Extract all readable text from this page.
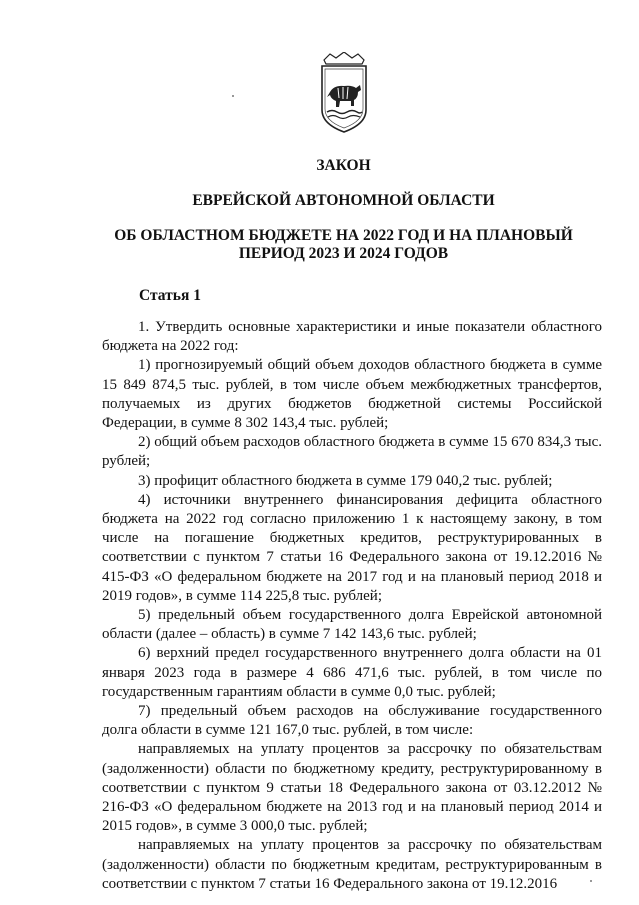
ЗАКОН
ЕВРЕЙСКОЙ АВТОНОМНОЙ ОБЛАСТИ
ОБ ОБЛАСТНОМ БЮДЖЕТЕ НА 2022 ГОД И НА ПЛАНОВЫЙ
ПЕРИОД 2023 И 2024 ГОДОВ
Статья 1

1. Утвердить основные характеристики и иные показатели областного бюджета на 2022 год:

1) прогнозируемый общий объем доходов областного бюджета в сумме 15 849 874,5 тыс. рублей, в том числе объем межбюджетных трансфертов, получаемых из других бюджетов бюджетной системы Российской Федерации, в сумме 8 302 143,4 тыс. рублей;

2) общий объем расходов областного бюджета в сумме 15 670 834,3 тыс. рублей;

3) профицит областного бюджета в сумме 179 040,2 тыс. рублей;

4) источники внутреннего финансирования дефицита областного бюджета на 2022 год согласно приложению 1 к настоящему закону, в том числе на погашение бюджетных кредитов, реструктурированных в соответствии с пунктом 7 статьи 16 Федерального закона от 19.12.2016 № 415-ФЗ «О федеральном бюджете на 2017 год и на плановый период 2018 и 2019 годов», в сумме 114 225,8 тыс. рублей;

5) предельный объем государственного долга Еврейской автономной области (далее – область) в сумме 7 142 143,6 тыс. рублей;

6) верхний предел государственного внутреннего долга области на 01 января 2023 года в размере 4 686 471,6 тыс. рублей, в том числе по государственным гарантиям области в сумме 0,0 тыс. рублей;

7) предельный объем расходов на обслуживание государственного долга области в сумме 121 167,0 тыс. рублей, в том числе:

направляемых на уплату процентов за рассрочку по обязательствам (задолженности) области по бюджетному кредиту, реструктурированному в соответствии с пунктом 9 статьи 18 Федерального закона от 03.12.2012 № 216-ФЗ «О федеральном бюджете на 2013 год и на плановый период 2014 и 2015 годов», в сумме 3 000,0 тыс. рублей;

направляемых на уплату процентов за рассрочку по обязательствам (задолженности) области по бюджетным кредитам, реструктурированным в соответствии с пунктом 7 статьи 16 Федерального закона от 19.12.2016
